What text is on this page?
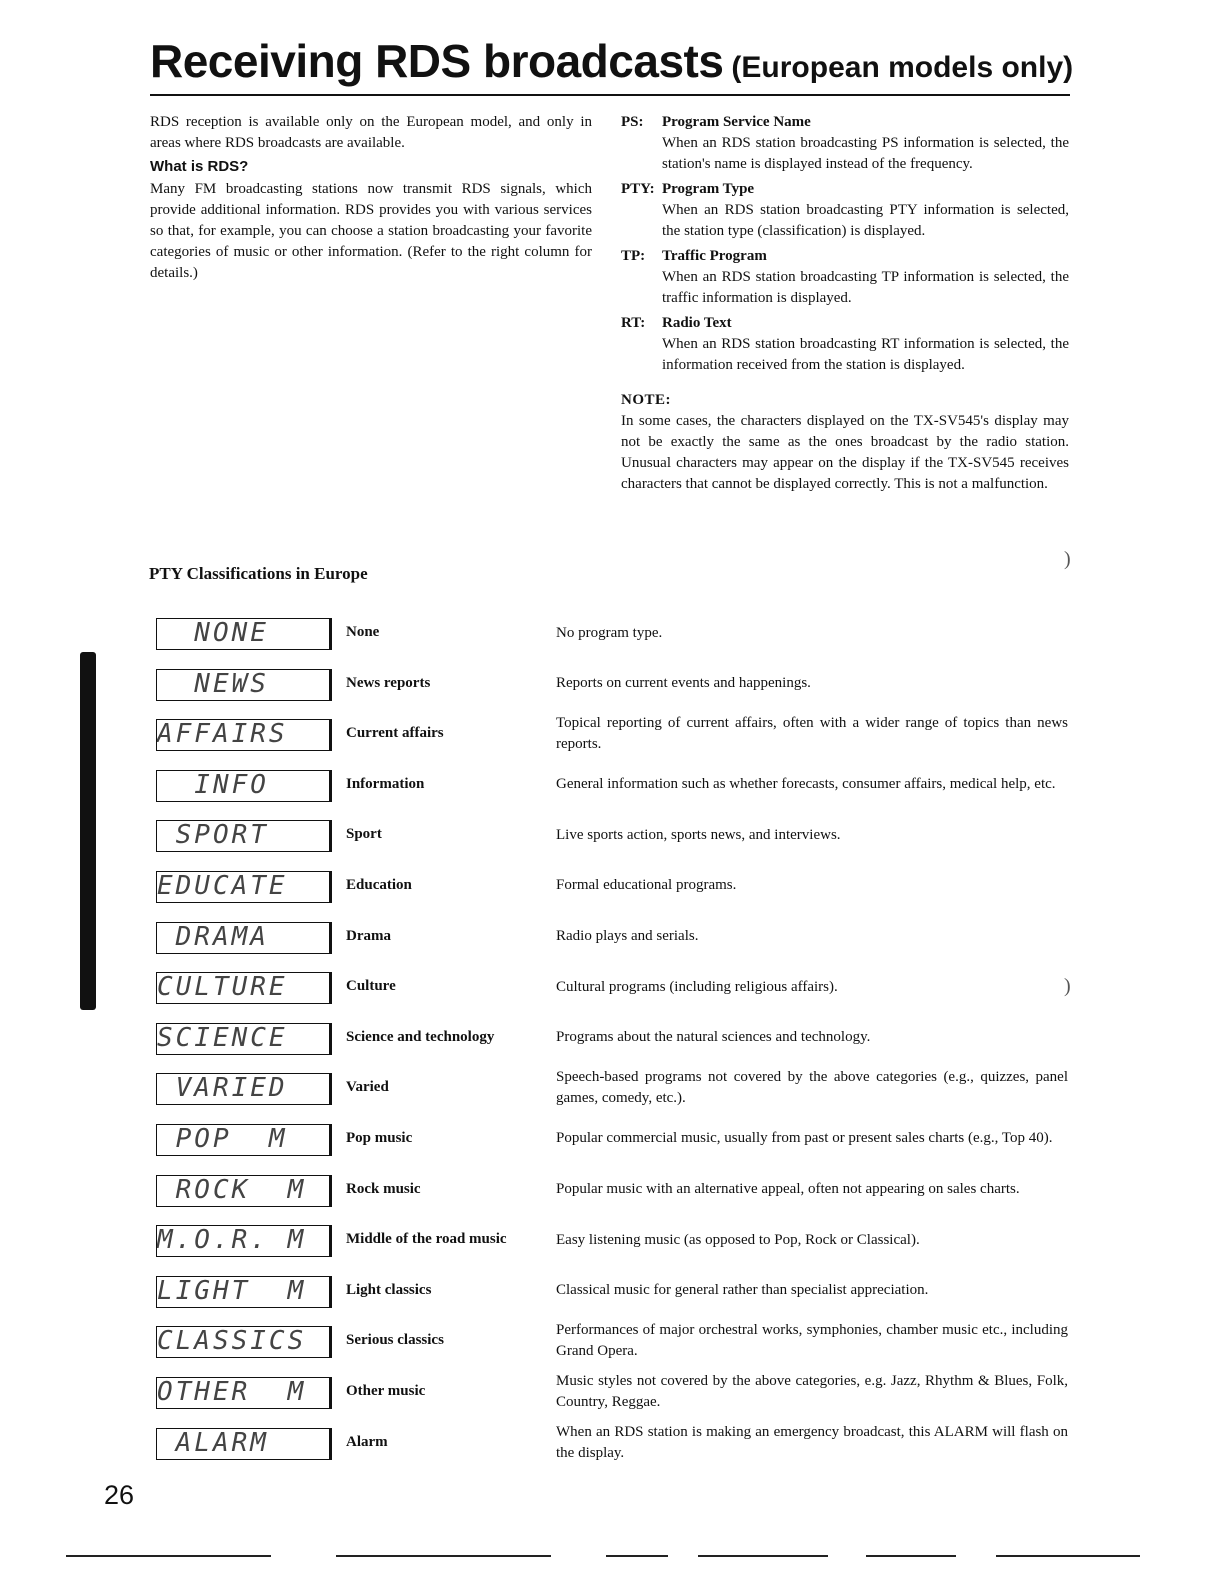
Receiving RDS broadcasts (European models only)

RDS reception is available only on the European model, and only in areas where RDS broadcasts are available.

What is RDS?

Many FM broadcasting stations now transmit RDS signals, which provide additional information. RDS provides you with various services so that, for example, you can choose a station broadcasting your favorite categories of music or other information. (Refer to the right column for details.)

PS: Program Service Name
When an RDS station broadcasting PS information is selected, the station's name is displayed instead of the frequency.
PTY: Program Type
When an RDS station broadcasting PTY information is selected, the station type (classification) is displayed.
TP: Traffic Program
When an RDS station broadcasting TP information is selected, the traffic information is displayed.
RT: Radio Text
When an RDS station broadcasting RT information is selected, the information received from the station is displayed.
NOTE:
In some cases, the characters displayed on the TX-SV545's display may not be exactly the same as the ones broadcast by the radio station. Unusual characters may appear on the display if the TX-SV545 receives characters that cannot be displayed correctly. This is not a malfunction.
)
)
PTY Classifications in Europe
NONE	None	No program type.
NEWS	News reports	Reports on current events and happenings.
AFFAIRS	Current affairs
Topical reporting of current affairs, often with a wider range of topics than news reports.
INFO	Information	General information such as whether forecasts, consumer affairs, medical help, etc.
SPORT	Sport	Live sports action, sports news, and interviews.
EDUCATE	Education	Formal educational programs.
DRAMA	Drama	Radio plays and serials.
CULTURE	Culture	Cultural programs (including religious affairs).
SCIENCE	Science and technology	Programs about the natural sciences and technology.
VARIED	Varied
Speech-based programs not covered by the above categories (e.g., quizzes, panel games, comedy, etc.).
POP  M	Pop music	Popular commercial music, usually from past or present sales charts (e.g., Top 40).
ROCK  M	Rock music	Popular music with an alternative appeal, often not appearing on sales charts.
M.O.R. M	Middle of the road music	Easy listening music (as opposed to Pop, Rock or Classical).
LIGHT  M	Light classics	Classical music for general rather than specialist appreciation.
CLASSICS	Serious classics
Performances of major orchestral works, symphonies, chamber music etc., including Grand Opera.
OTHER  M	Other music
Music styles not covered by the above categories, e.g. Jazz, Rhythm & Blues, Folk, Country, Reggae.
ALARM	Alarm
When an RDS station is making an emergency broadcast, this ALARM will flash on the display.
26
